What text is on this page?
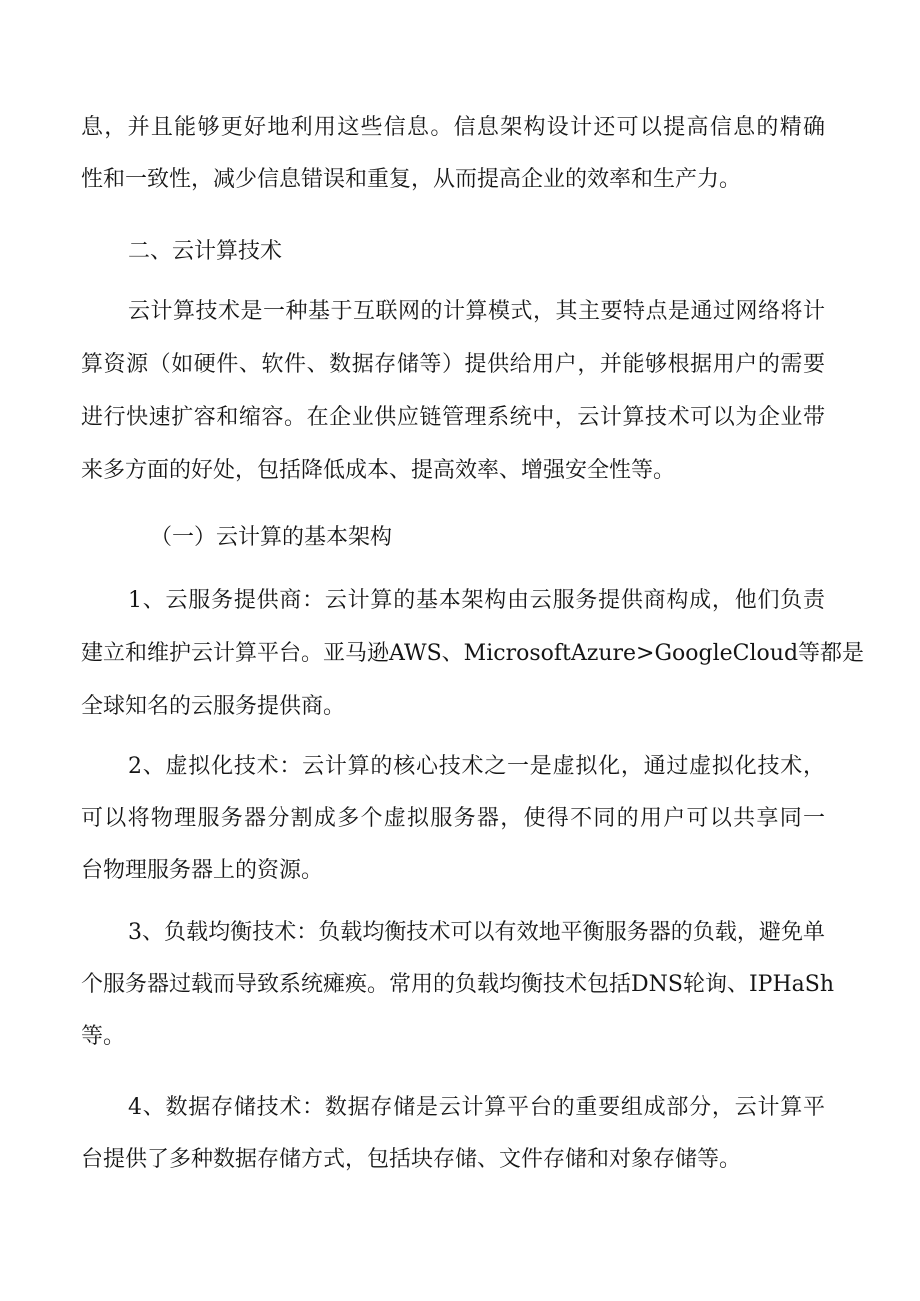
息，并且能够更好地利用这些信息。信息架构设计还可以提高信息的精确

性和一致性，减少信息错误和重复，从而提高企业的效率和生产力。

二、云计算技术

云计算技术是一种基于互联网的计算模式，其主要特点是通过网络将计

算资源（如硬件、软件、数据存储等）提供给用户，并能够根据用户的需要

进行快速扩容和缩容。在企业供应链管理系统中，云计算技术可以为企业带

来多方面的好处，包括降低成本、提高效率、增强安全性等。

（一）云计算的基本架构

1、云服务提供商：云计算的基本架构由云服务提供商构成，他们负责

建立和维护云计算平台。亚马逊AWS、MicrosoftAzure>GoogleCloud等都是

全球知名的云服务提供商。

2、虚拟化技术：云计算的核心技术之一是虚拟化，通过虚拟化技术，

可以将物理服务器分割成多个虚拟服务器，使得不同的用户可以共享同一

台物理服务器上的资源。

3、负载均衡技术：负载均衡技术可以有效地平衡服务器的负载，避免单

个服务器过载而导致系统瘫痪。常用的负载均衡技术包括DNS轮询、IPHaSh

等。

4、数据存储技术：数据存储是云计算平台的重要组成部分，云计算平

台提供了多种数据存储方式，包括块存储、文件存储和对象存储等。
